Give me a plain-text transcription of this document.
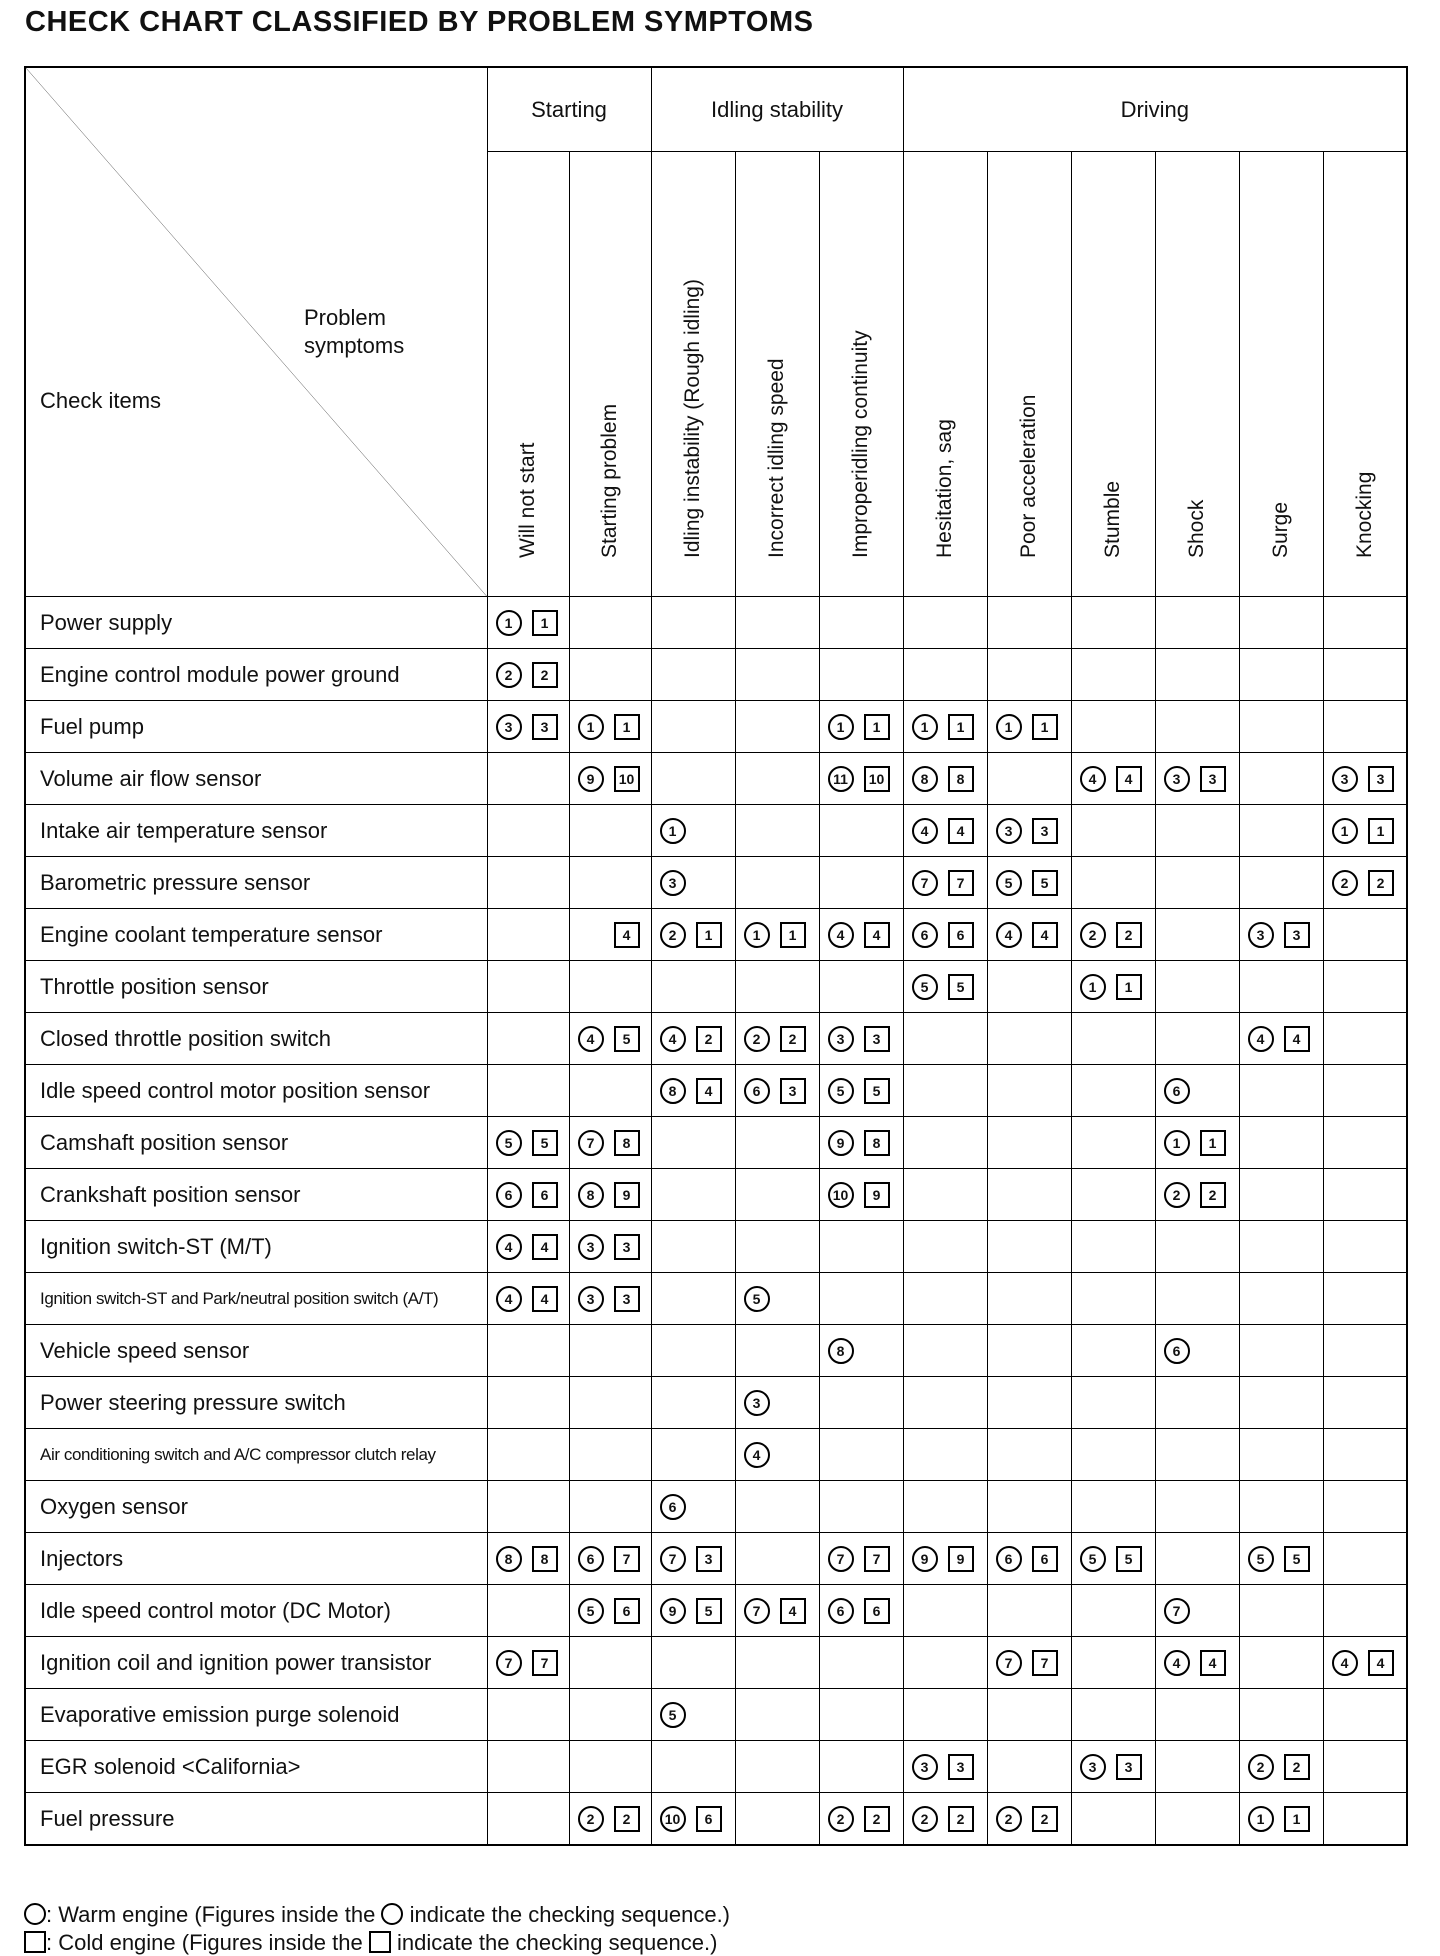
CHECK CHART CLASSIFIED BY PROBLEM SYMPTOMS
Problem
symptoms
Check items	Starting		Idling stability			Driving					

	Will not start	Starting problem	Idling instability (Rough idling)	Incorrect idling speed	Improperidling continuity	Hesitation, sag	Poor acceleration	Stumble	Shock	Surge	Knocking

Power supply	1 1										
Engine control module power ground	2 2										
Fuel pump	3 3	1 1			1 1	1 1	1 1				
Volume air flow sensor		9 10			11 10	8 8		4 4	3 3		3 3
Intake air temperature sensor			1			4 4	3 3				1 1
Barometric pressure sensor			3			7 7	5 5				2 2
Engine coolant temperature sensor		4	2 1	1 1	4 4	6 6	4 4	2 2		3 3	
Throttle position sensor						5 5		1 1			
Closed throttle position switch		4 5	4 2	2 2	3 3					4 4	
Idle speed control motor position sensor			8 4	6 3	5 5				6		
Camshaft position sensor	5 5	7 8			9 8				1 1		
Crankshaft position sensor	6 6	8 9			10 9				2 2		
Ignition switch-ST (M/T)	4 4	3 3									
Ignition switch-ST and Park/neutral position switch (A/T)	4 4	3 3		5							
Vehicle speed sensor					8				6		
Power steering pressure switch				3							
Air conditioning switch and A/C compressor clutch relay				4							
Oxygen sensor			6								
Injectors	8 8	6 7	7 3		7 7	9 9	6 6	5 5		5 5	
Idle speed control motor (DC Motor)		5 6	9 5	7 4	6 6				7		
Ignition coil and ignition power transistor	7 7						7 7		4 4		4 4
Evaporative emission purge solenoid			5								
EGR solenoid <California>						3 3		3 3		2 2	
Fuel pressure		2 2	10 6		2 2	2 2	2 2			1 1	
: Warm engine (Figures inside the indicate the checking sequence.)
: Cold engine (Figures inside the indicate the checking sequence.)
